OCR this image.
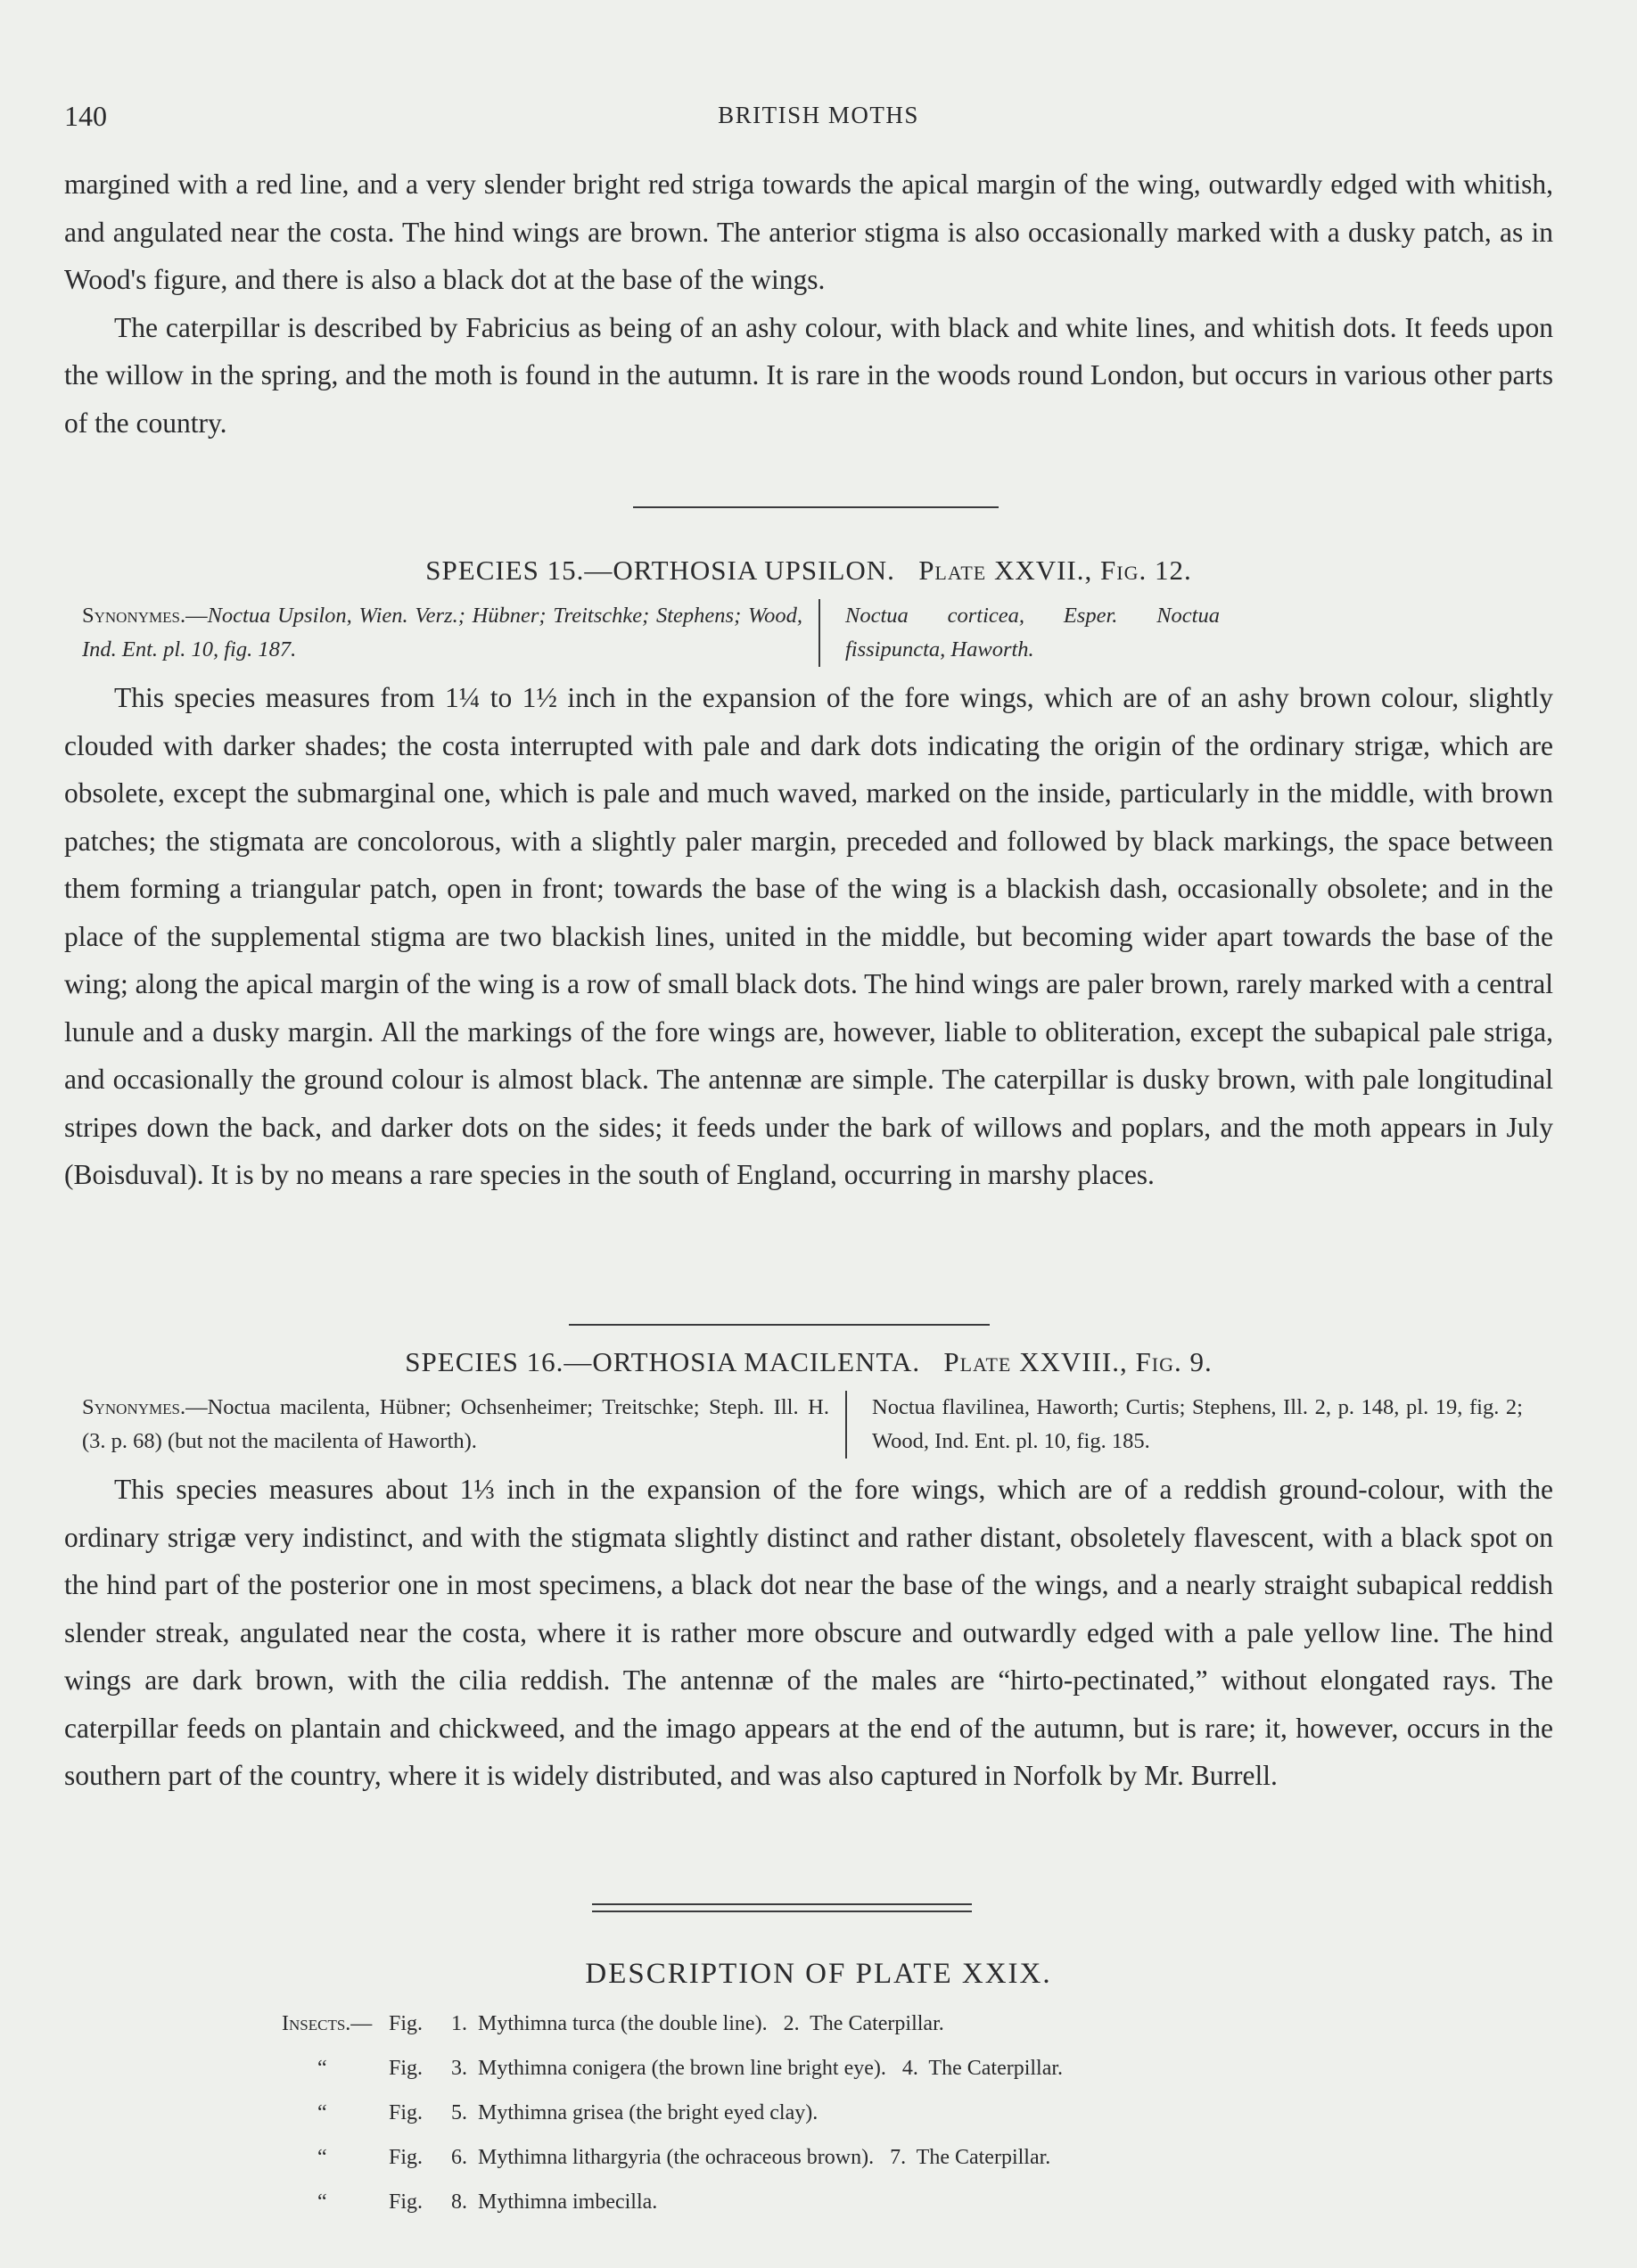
140	BRITISH MOTHS

margined with a red line, and a very slender bright red striga towards the apical margin of the wing, outwardly edged with whitish, and angulated near the costa. The hind wings are brown. The anterior stigma is also occasionally marked with a dusky patch, as in Wood's figure, and there is also a black dot at the base of the wings.

The caterpillar is described by Fabricius as being of an ashy colour, with black and white lines, and whitish dots. It feeds upon the willow in the spring, and the moth is found in the autumn. It is rare in the woods round London, but occurs in various other parts of the country.

SPECIES 15.—ORTHOSIA UPSILON. Plate XXVII., Fig. 12.

Synonymes.—Noctua Upsilon, Wien. Verz.; Hübner; Treitschke; Stephens; Wood, Ind. Ent. pl. 10, fig. 187.
Noctua corticea, Esper. Noctua fissipuncta, Haworth.

This species measures from 1¼ to 1½ inch in the expansion of the fore wings, which are of an ashy brown colour, slightly clouded with darker shades; the costa interrupted with pale and dark dots indicating the origin of the ordinary strigæ, which are obsolete, except the submarginal one, which is pale and much waved, marked on the inside, particularly in the middle, with brown patches; the stigmata are concolorous, with a slightly paler margin, preceded and followed by black markings, the space between them forming a triangular patch, open in front; towards the base of the wing is a blackish dash, occasionally obsolete; and in the place of the supplemental stigma are two blackish lines, united in the middle, but becoming wider apart towards the base of the wing; along the apical margin of the wing is a row of small black dots. The hind wings are paler brown, rarely marked with a central lunule and a dusky margin. All the markings of the fore wings are, however, liable to obliteration, except the subapical pale striga, and occasionally the ground colour is almost black. The antennæ are simple. The caterpillar is dusky brown, with pale longitudinal stripes down the back, and darker dots on the sides; it feeds under the bark of willows and poplars, and the moth appears in July (Boisduval). It is by no means a rare species in the south of England, occurring in marshy places.

SPECIES 16.—ORTHOSIA MACILENTA. Plate XXVIII., Fig. 9.

Synonymes.—Noctua macilenta, Hübner; Ochsenheimer; Treitschke; Steph. Ill. H. (3. p. 68) (but not the macilenta of Haworth).
Noctua flavilinea, Haworth; Curtis; Stephens, Ill. 2, p. 148, pl. 19, fig. 2; Wood, Ind. Ent. pl. 10, fig. 185.

This species measures about 1⅓ inch in the expansion of the fore wings, which are of a reddish ground-colour, with the ordinary strigæ very indistinct, and with the stigmata slightly distinct and rather distant, obsoletely flavescent, with a black spot on the hind part of the posterior one in most specimens, a black dot near the base of the wings, and a nearly straight subapical reddish slender streak, angulated near the costa, where it is rather more obscure and outwardly edged with a pale yellow line. The hind wings are dark brown, with the cilia reddish. The antennæ of the males are “hirto-pectinated,” without elongated rays. The caterpillar feeds on plantain and chickweed, and the imago appears at the end of the autumn, but is rare; it, however, occurs in the southern part of the country, where it is widely distributed, and was also captured in Norfolk by Mr. Burrell.

DESCRIPTION OF PLATE XXIX.

Insects.— Fig.	1.  Mythimna turca (the double line).   2.  The Caterpillar.
“	Fig.	3.  Mythimna conigera (the brown line bright eye).   4.  The Caterpillar.
“	Fig.	5.  Mythimna grisea (the bright eyed clay).
“	Fig.	6.  Mythimna lithargyria (the ochraceous brown).   7.  The Caterpillar.
“	Fig.	8.  Mythimna imbecilla.
